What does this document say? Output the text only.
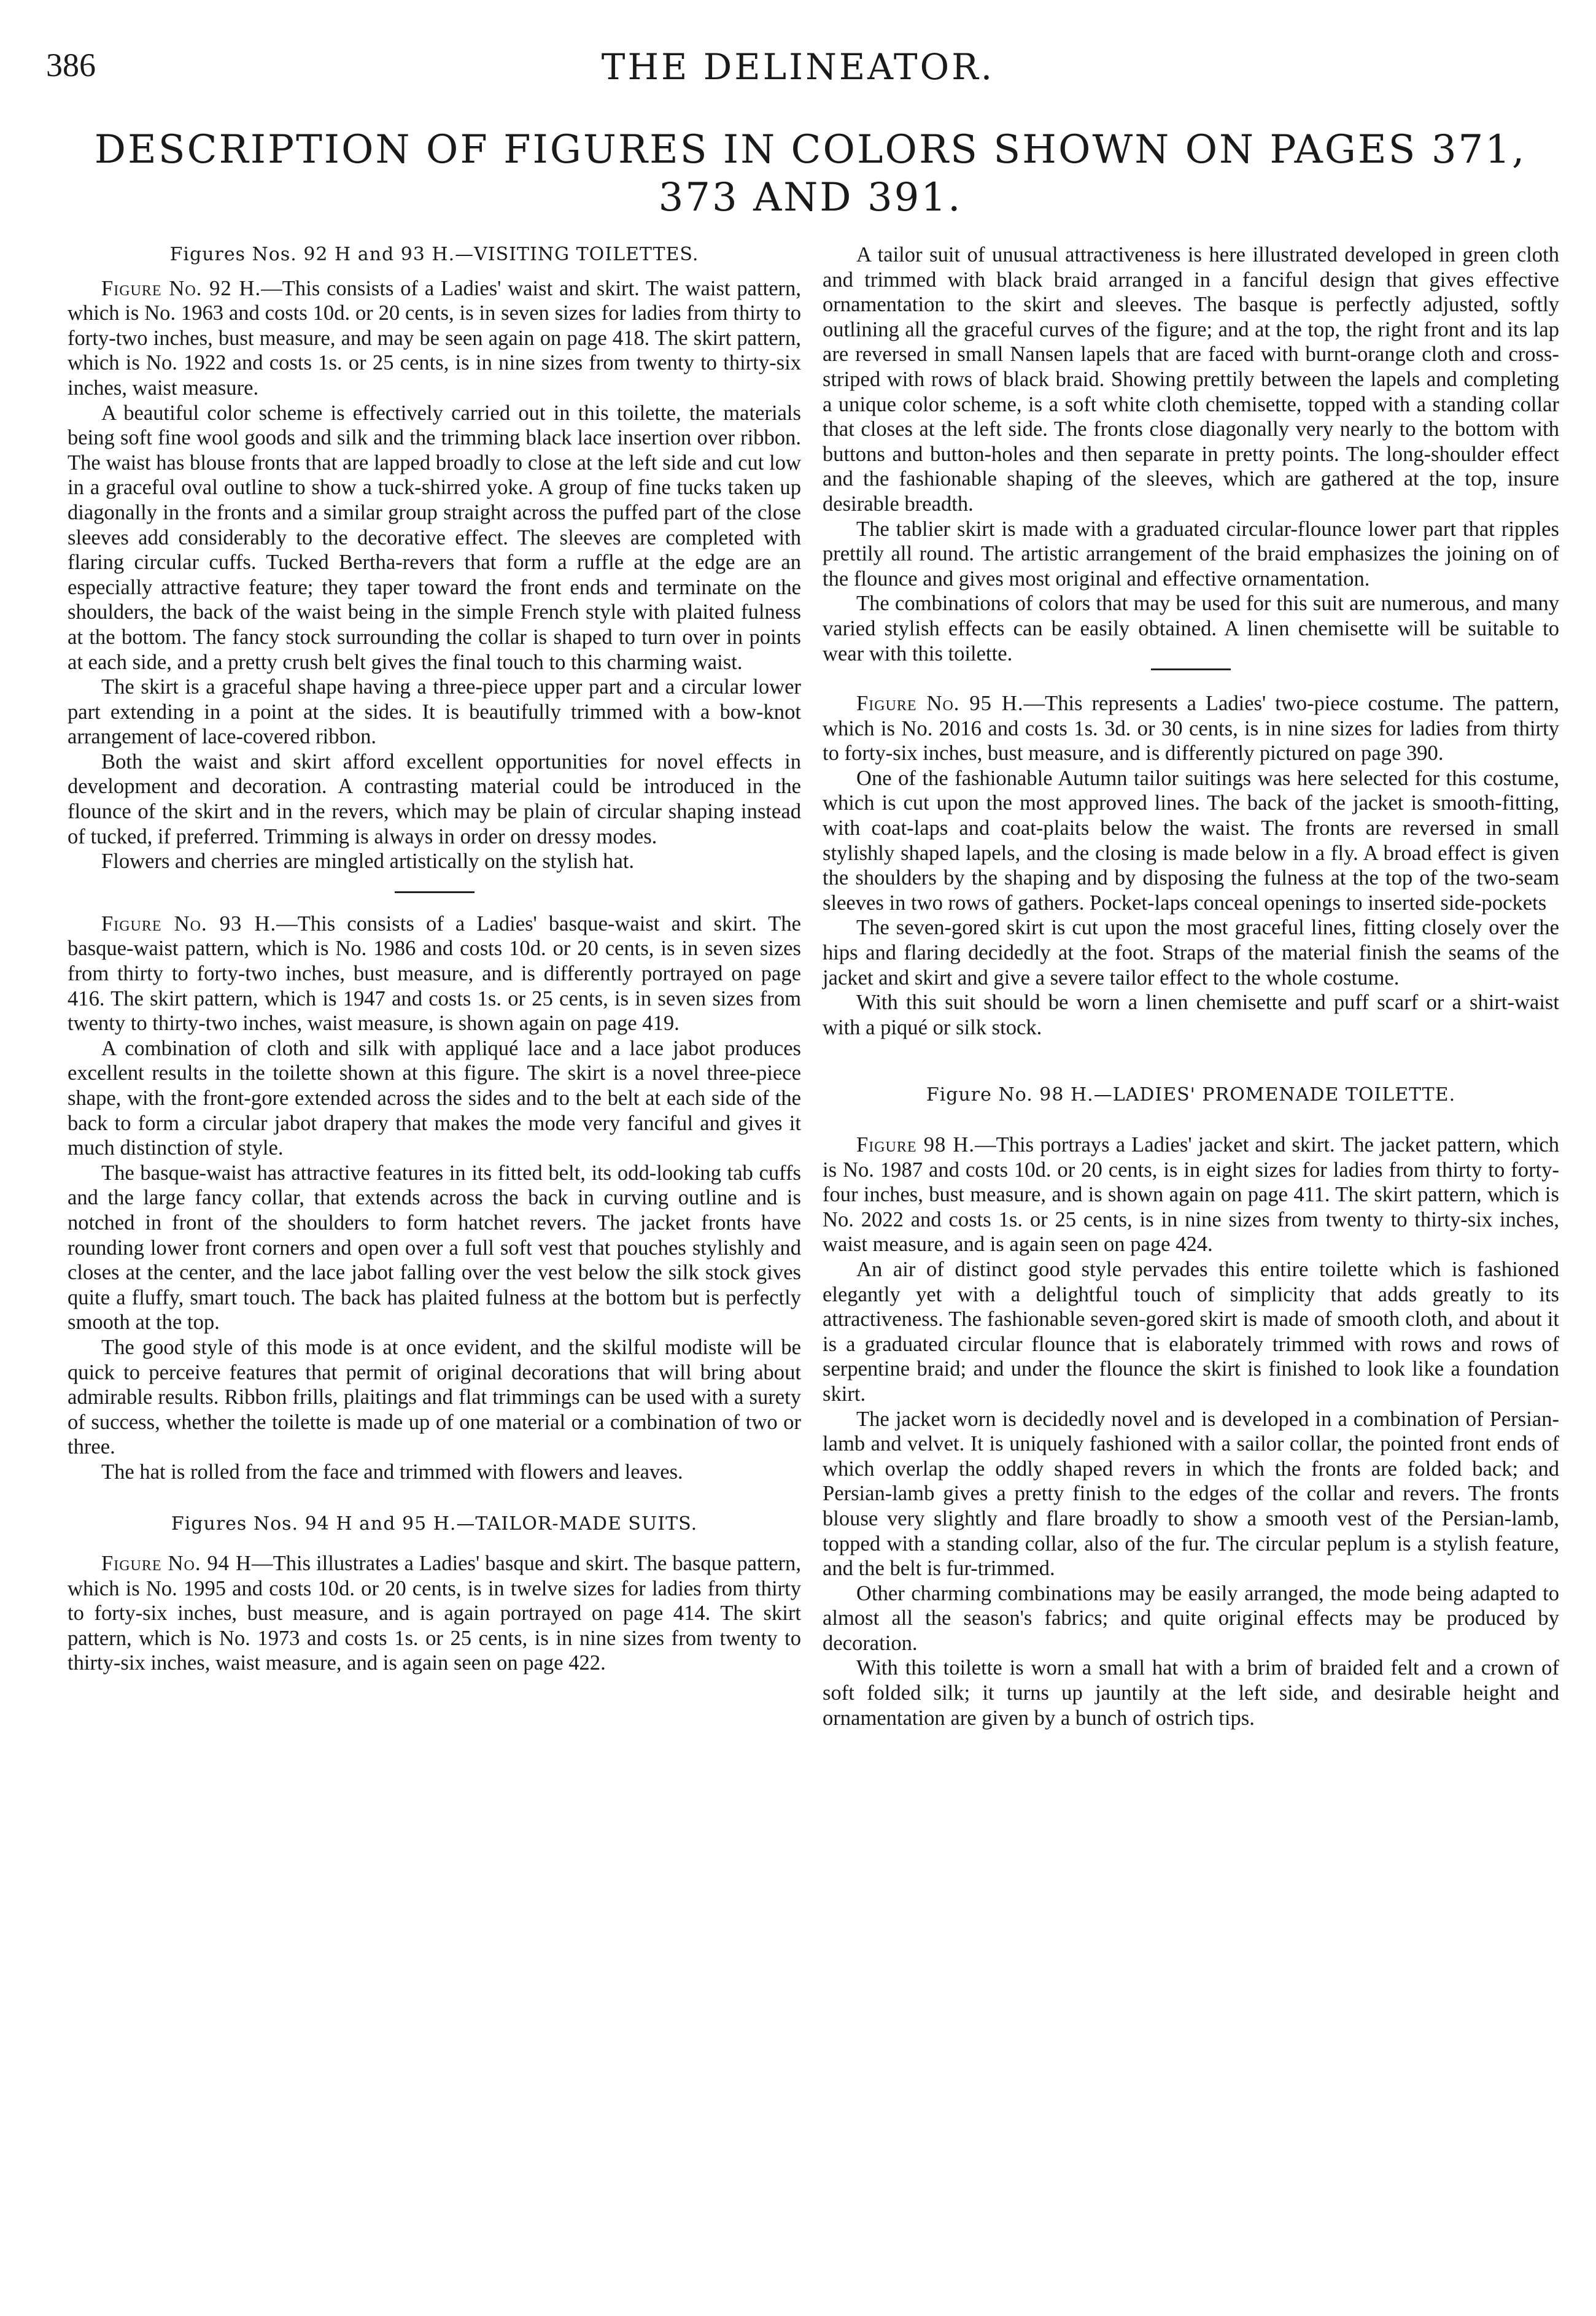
386	THE DELINEATOR.
DESCRIPTION OF FIGURES IN COLORS SHOWN ON PAGES 371, 373 AND 391.
Figures Nos. 92 H and 93 H.—VISITING TOILETTES.

Figure No. 92 H.—This consists of a Ladies' waist and skirt. The waist pattern, which is No. 1963 and costs 10d. or 20 cents, is in seven sizes for ladies from thirty to forty-two inches, bust measure, and may be seen again on page 418. The skirt pattern, which is No. 1922 and costs 1s. or 25 cents, is in nine sizes from twenty to thirty-six inches, waist measure.

A beautiful color scheme is effectively carried out in this toilette, the materials being soft fine wool goods and silk and the trimming black lace insertion over ribbon. The waist has blouse fronts that are lapped broadly to close at the left side and cut low in a graceful oval outline to show a tuck-shirred yoke. A group of fine tucks taken up diagonally in the fronts and a similar group straight across the puffed part of the close sleeves add considerably to the decorative effect. The sleeves are completed with flaring circular cuffs. Tucked Bertha-revers that form a ruffle at the edge are an especially attractive feature; they taper toward the front ends and terminate on the shoulders, the back of the waist being in the simple French style with plaited fulness at the bottom. The fancy stock surrounding the collar is shaped to turn over in points at each side, and a pretty crush belt gives the final touch to this charming waist.

The skirt is a graceful shape having a three-piece upper part and a circular lower part extending in a point at the sides. It is beautifully trimmed with a bow-knot arrangement of lace-covered ribbon.

Both the waist and skirt afford excellent opportunities for novel effects in development and decoration. A contrasting material could be introduced in the flounce of the skirt and in the revers, which may be plain of circular shaping instead of tucked, if preferred. Trimming is always in order on dressy modes.

Flowers and cherries are mingled artistically on the stylish hat.

Figure No. 93 H.—This consists of a Ladies' basque-waist and skirt. The basque-waist pattern, which is No. 1986 and costs 10d. or 20 cents, is in seven sizes from thirty to forty-two inches, bust measure, and is differently portrayed on page 416. The skirt pattern, which is 1947 and costs 1s. or 25 cents, is in seven sizes from twenty to thirty-two inches, waist measure, is shown again on page 419.

A combination of cloth and silk with appliqué lace and a lace jabot produces excellent results in the toilette shown at this figure. The skirt is a novel three-piece shape, with the front-gore extended across the sides and to the belt at each side of the back to form a circular jabot drapery that makes the mode very fanciful and gives it much distinction of style.

The basque-waist has attractive features in its fitted belt, its odd-looking tab cuffs and the large fancy collar, that extends across the back in curving outline and is notched in front of the shoulders to form hatchet revers. The jacket fronts have rounding lower front corners and open over a full soft vest that pouches stylishly and closes at the center, and the lace jabot falling over the vest below the silk stock gives quite a fluffy, smart touch. The back has plaited fulness at the bottom but is perfectly smooth at the top.

The good style of this mode is at once evident, and the skilful modiste will be quick to perceive features that permit of original decorations that will bring about admirable results. Ribbon frills, plaitings and flat trimmings can be used with a surety of success, whether the toilette is made up of one material or a combination of two or three.

The hat is rolled from the face and trimmed with flowers and leaves.

Figures Nos. 94 H and 95 H.—TAILOR-MADE SUITS.

Figure No. 94 H—This illustrates a Ladies' basque and skirt. The basque pattern, which is No. 1995 and costs 10d. or 20 cents, is in twelve sizes for ladies from thirty to forty-six inches, bust measure, and is again portrayed on page 414. The skirt pattern, which is No. 1973 and costs 1s. or 25 cents, is in nine sizes from twenty to thirty-six inches, waist measure, and is again seen on page 422.

A tailor suit of unusual attractiveness is here illustrated developed in green cloth and trimmed with black braid arranged in a fanciful design that gives effective ornamentation to the skirt and sleeves. The basque is perfectly adjusted, softly outlining all the graceful curves of the figure; and at the top, the right front and its lap are reversed in small Nansen lapels that are faced with burnt-orange cloth and cross-striped with rows of black braid. Showing prettily between the lapels and completing a unique color scheme, is a soft white cloth chemisette, topped with a standing collar that closes at the left side. The fronts close diagonally very nearly to the bottom with buttons and button-holes and then separate in pretty points. The long-shoulder effect and the fashionable shaping of the sleeves, which are gathered at the top, insure desirable breadth.

The tablier skirt is made with a graduated circular-flounce lower part that ripples prettily all round. The artistic arrangement of the braid emphasizes the joining on of the flounce and gives most original and effective ornamentation.

The combinations of colors that may be used for this suit are numerous, and many varied stylish effects can be easily obtained. A linen chemisette will be suitable to wear with this toilette.

Figure No. 95 H.—This represents a Ladies' two-piece costume. The pattern, which is No. 2016 and costs 1s. 3d. or 30 cents, is in nine sizes for ladies from thirty to forty-six inches, bust measure, and is differently pictured on page 390.

One of the fashionable Autumn tailor suitings was here selected for this costume, which is cut upon the most approved lines. The back of the jacket is smooth-fitting, with coat-laps and coat-plaits below the waist. The fronts are reversed in small stylishly shaped lapels, and the closing is made below in a fly. A broad effect is given the shoulders by the shaping and by disposing the fulness at the top of the two-seam sleeves in two rows of gathers. Pocket-laps conceal openings to inserted side-pockets

The seven-gored skirt is cut upon the most graceful lines, fitting closely over the hips and flaring decidedly at the foot. Straps of the material finish the seams of the jacket and skirt and give a severe tailor effect to the whole costume.

With this suit should be worn a linen chemisette and puff scarf or a shirt-waist with a piqué or silk stock.

Figure No. 98 H.—LADIES' PROMENADE TOILETTE.

Figure 98 H.—This portrays a Ladies' jacket and skirt. The jacket pattern, which is No. 1987 and costs 10d. or 20 cents, is in eight sizes for ladies from thirty to forty-four inches, bust measure, and is shown again on page 411. The skirt pattern, which is No. 2022 and costs 1s. or 25 cents, is in nine sizes from twenty to thirty-six inches, waist measure, and is again seen on page 424.

An air of distinct good style pervades this entire toilette which is fashioned elegantly yet with a delightful touch of simplicity that adds greatly to its attractiveness. The fashionable seven-gored skirt is made of smooth cloth, and about it is a graduated circular flounce that is elaborately trimmed with rows and rows of serpentine braid; and under the flounce the skirt is finished to look like a foundation skirt.

The jacket worn is decidedly novel and is developed in a combination of Persian-lamb and velvet. It is uniquely fashioned with a sailor collar, the pointed front ends of which overlap the oddly shaped revers in which the fronts are folded back; and Persian-lamb gives a pretty finish to the edges of the collar and revers. The fronts blouse very slightly and flare broadly to show a smooth vest of the Persian-lamb, topped with a standing collar, also of the fur. The circular peplum is a stylish feature, and the belt is fur-trimmed.

Other charming combinations may be easily arranged, the mode being adapted to almost all the season's fabrics; and quite original effects may be produced by decoration.

With this toilette is worn a small hat with a brim of braided felt and a crown of soft folded silk; it turns up jauntily at the left side, and desirable height and ornamentation are given by a bunch of ostrich tips.
